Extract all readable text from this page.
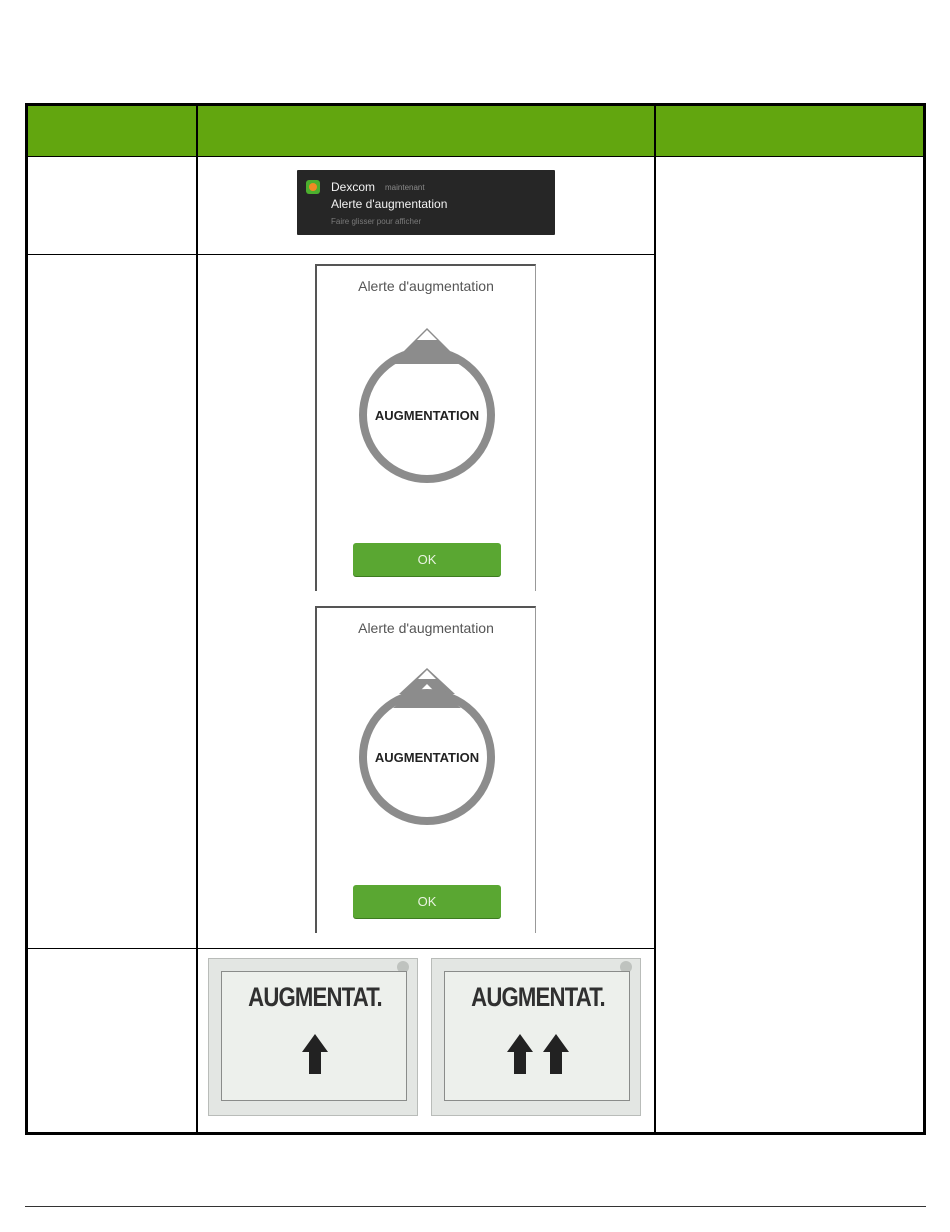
Dexcom maintenant
Alerte d'augmentation
Faire glisser pour afficher
Alerte d'augmentation
AUGMENTATION
OK
Alerte d'augmentation
AUGMENTATION
OK
AUGMENTAT.	AUGMENTAT.
